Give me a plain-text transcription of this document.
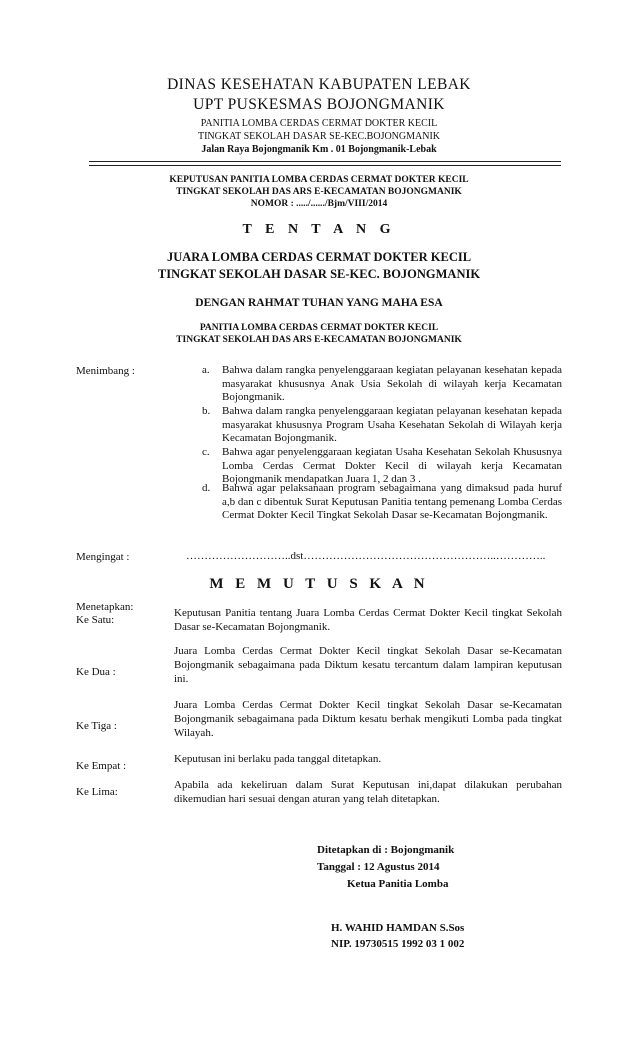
DINAS KESEHATAN KABUPATEN LEBAK
UPT PUSKESMAS BOJONGMANIK
PANITIA LOMBA CERDAS CERMAT DOKTER KECIL
TINGKAT SEKOLAH DASAR SE-KEC.BOJONGMANIK
Jalan Raya Bojongmanik Km . 01 Bojongmanik-Lebak
KEPUTUSAN PANITIA LOMBA CERDAS CERMAT DOKTER KECIL
TINGKAT SEKOLAH DAS ARS E-KECAMATAN BOJONGMANIK
NOMOR : ...../....../Bjm/VIII/2014
T E N T A N G
JUARA LOMBA CERDAS CERMAT DOKTER KECIL
TINGKAT SEKOLAH DASAR SE-KEC. BOJONGMANIK
DENGAN RAHMAT TUHAN YANG MAHA ESA
PANITIA LOMBA CERDAS CERMAT DOKTER KECIL
TINGKAT SEKOLAH DAS ARS E-KECAMATAN BOJONGMANIK
Menimbang :	a. Bahwa dalam rangka penyelenggaraan kegiatan pelayanan kesehatan kepada masyarakat khususnya Anak Usia Sekolah di wilayah kerja Kecamatan Bojongmanik.
b. Bahwa dalam rangka penyelenggaraan kegiatan pelayanan kesehatan kepada masyarakat khususnya Program Usaha Kesehatan Sekolah di Wilayah kerja Kecamatan Bojongmanik.
c. Bahwa agar penyelenggaraan kegiatan Usaha Kesehatan Sekolah Khususnya Lomba Cerdas Cermat Dokter Kecil di wilayah kerja Kecamatan Bojongmanik mendapatkan Juara 1, 2 dan 3 .
d. Bahwa agar pelaksanaan program sebagaimana yang dimaksud pada huruf a,b dan c dibentuk Surat Keputusan Panitia tentang pemenang Lomba Cerdas Cermat Dokter Kecil Tingkat Sekolah Dasar se-Kecamatan Bojongmanik.
Mengingat :	………………………..dst……………………………………………..…………..
M E M U T U S K A N
Menetapkan:
Ke Satu:
Keputusan Panitia tentang Juara Lomba Cerdas Cermat Dokter Kecil tingkat Sekolah Dasar se-Kecamatan Bojongmanik.
Ke Dua :
Juara Lomba Cerdas Cermat Dokter Kecil tingkat Sekolah Dasar se-Kecamatan Bojongmanik sebagaimana pada Diktum kesatu tercantum dalam lampiran keputusan ini.
Ke Tiga :
Juara Lomba Cerdas Cermat Dokter Kecil tingkat Sekolah Dasar se-Kecamatan Bojongmanik sebagaimana pada Diktum kesatu berhak mengikuti Lomba pada tingkat Wilayah.
Ke Empat :
Keputusan ini berlaku pada tanggal ditetapkan.
Ke Lima:
Apabila ada kekeliruan dalam Surat Keputusan ini,dapat dilakukan perubahan dikemudian hari sesuai dengan aturan yang telah ditetapkan.
Ditetapkan di : Bojongmanik
Tanggal : 12 Agustus 2014
Ketua Panitia Lomba
H. WAHID HAMDAN S.Sos
NIP. 19730515 1992 03 1 002
